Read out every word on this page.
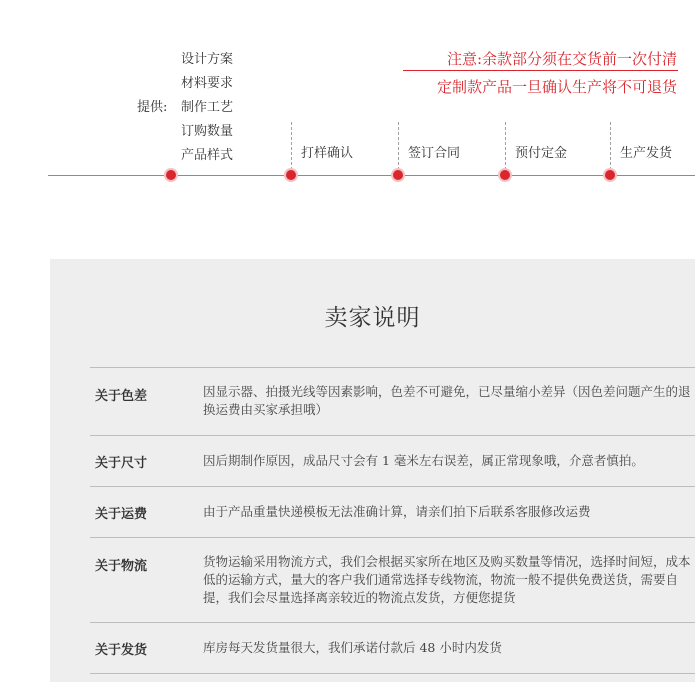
提供:
设计方案
材料要求
制作工艺
订购数量
产品样式
注意:余款部分须在交货前一次付清
定制款产品一旦确认生产将不可退货
打样确认	签订合同	预付定金	生产发货
卖家说明
关于色差	因显示器、拍摄光线等因素影响，色差不可避免，已尽量缩小差异（因色差问题产生的退换运费由买家承担哦）
关于尺寸	因后期制作原因，成品尺寸会有 1 毫米左右误差，属正常现象哦，介意者慎拍。
关于运费	由于产品重量快递模板无法准确计算，请亲们拍下后联系客服修改运费
关于物流	货物运输采用物流方式，我们会根据买家所在地区及购买数量等情况，选择时间短，成本低的运输方式，量大的客户我们通常选择专线物流，物流一般不提供免费送货，需要自提，我们会尽量选择离亲较近的物流点发货，方便您提货
关于发货	库房每天发货量很大，我们承诺付款后 48 小时内发货
